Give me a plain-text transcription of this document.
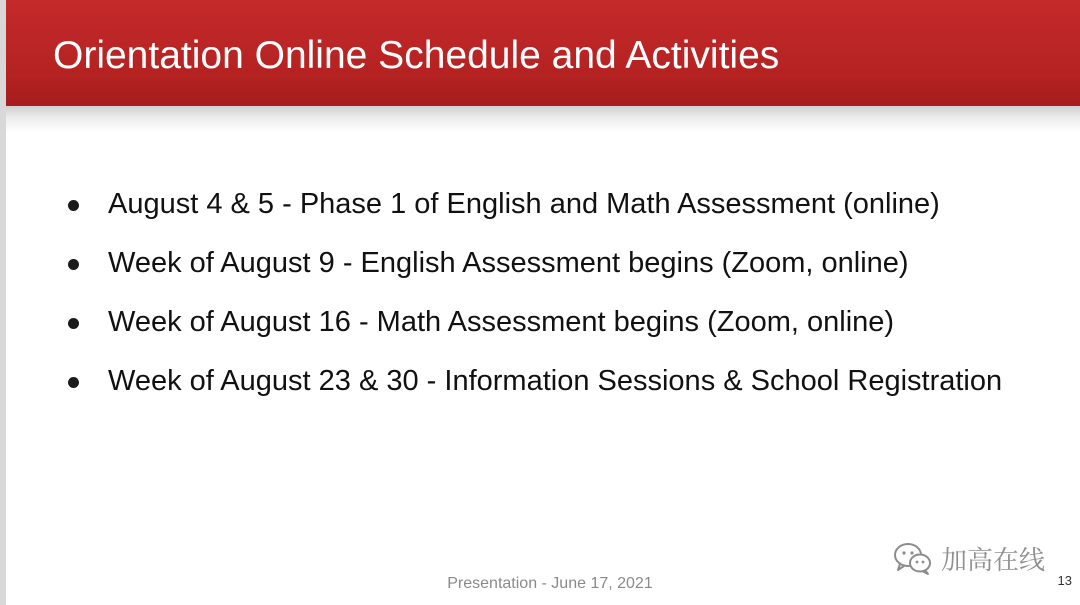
Orientation Online Schedule and Activities
August 4 & 5 - Phase 1 of English and Math Assessment (online)
Week of August 9 - English Assessment begins (Zoom, online)
Week of August 16 - Math Assessment begins (Zoom, online)
Week of August 23 & 30 - Information Sessions & School Registration
Presentation - June 17, 2021
加高在线
13
